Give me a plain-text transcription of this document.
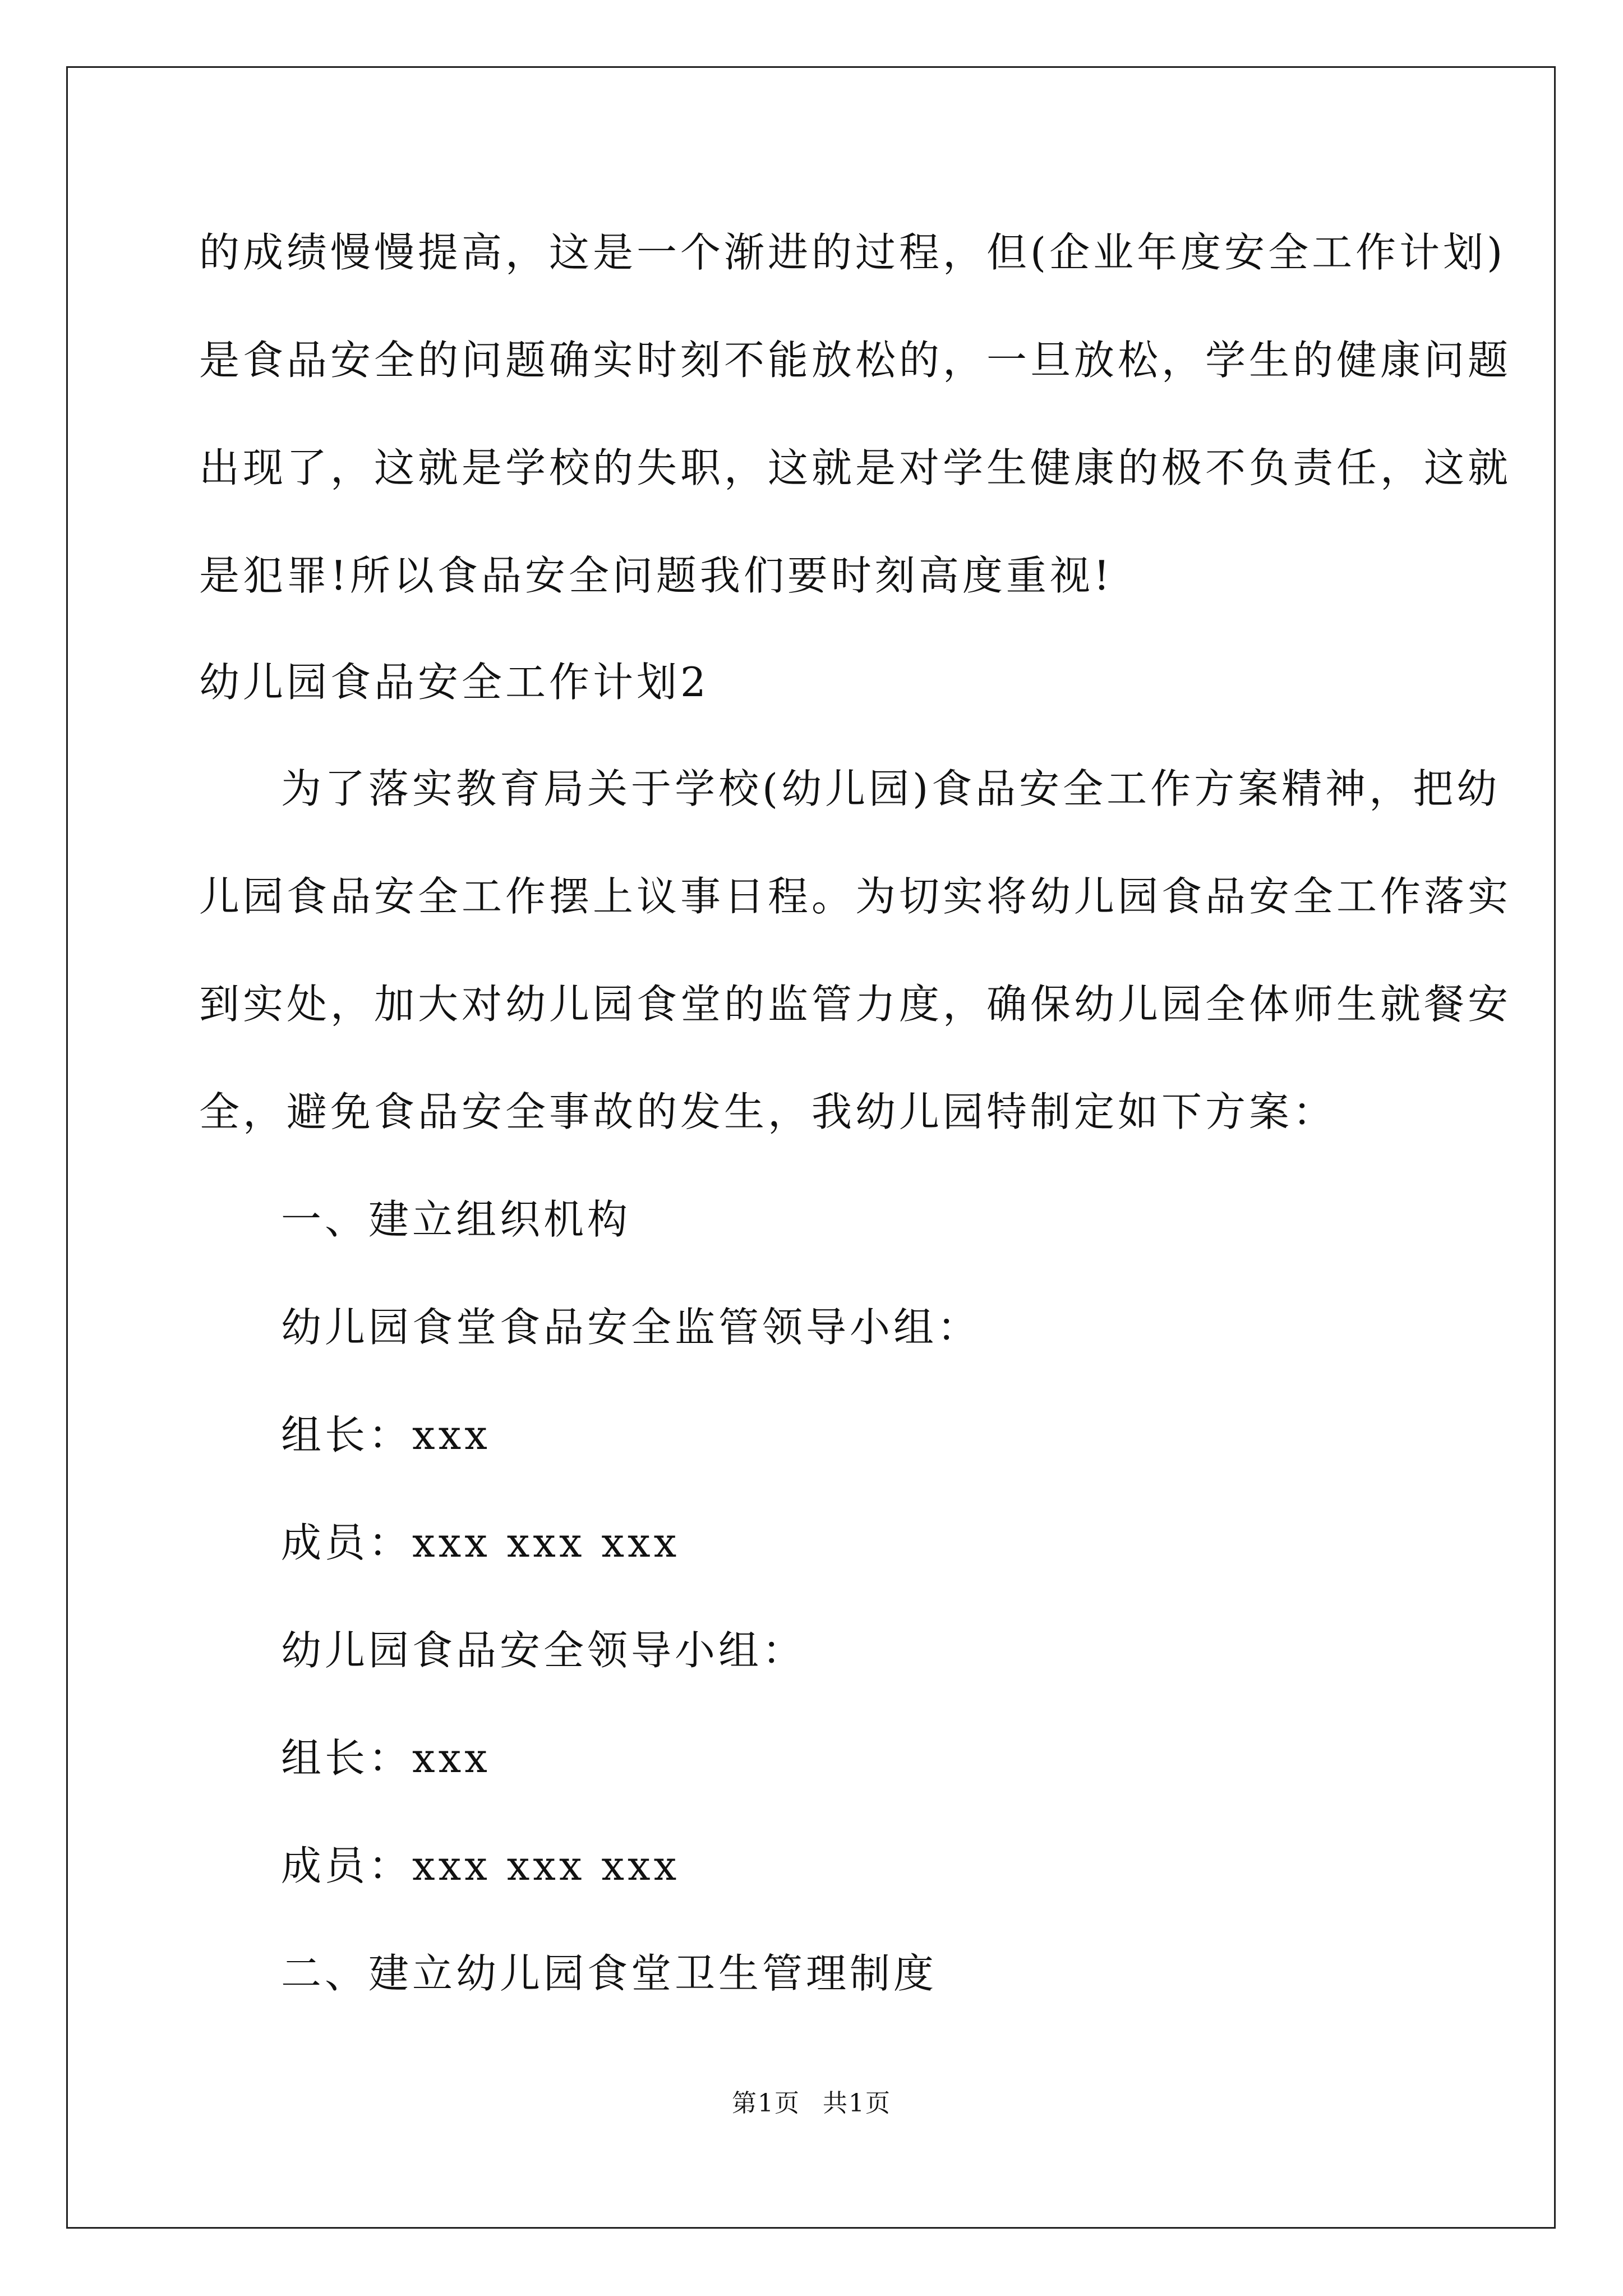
的成绩慢慢提高，这是一个渐进的过程，但(企业年度安全工作计划)
是食品安全的问题确实时刻不能放松的，一旦放松，学生的健康问题
出现了，这就是学校的失职，这就是对学生健康的极不负责任，这就
是犯罪!所以食品安全问题我们要时刻高度重视!
幼儿园食品安全工作计划2
为了落实教育局关于学校(幼儿园)食品安全工作方案精神，把幼
儿园食品安全工作摆上议事日程。为切实将幼儿园食品安全工作落实
到实处，加大对幼儿园食堂的监管力度，确保幼儿园全体师生就餐安
全，避免食品安全事故的发生，我幼儿园特制定如下方案：
一、建立组织机构
幼儿园食堂食品安全监管领导小组：
组长：xxx
成员：xxx xxx xxx
幼儿园食品安全领导小组：
组长：xxx
成员：xxx xxx xxx
二、建立幼儿园食堂卫生管理制度
第1页 共1页
